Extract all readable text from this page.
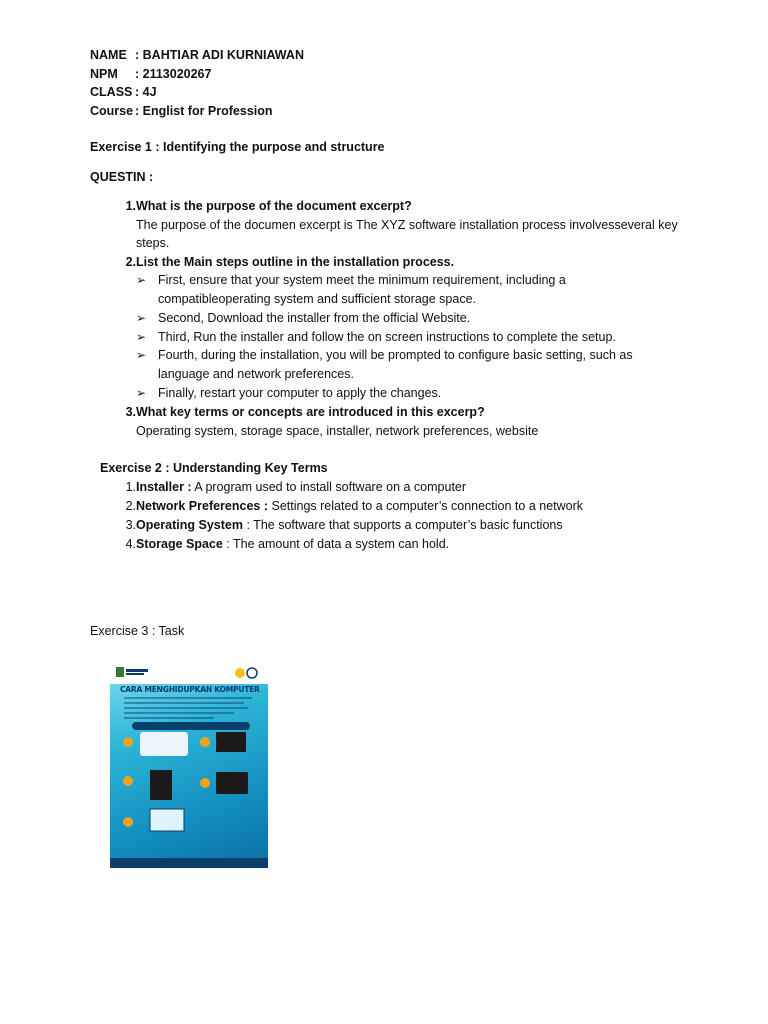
NAME : BAHTIAR ADI KURNIAWAN
NPM : 2113020267
CLASS : 4J
Course : Englist for Profession
Exercise 1 : Identifying the purpose and structure
QUESTIN :
1. What is the purpose of the document excerpt?
The purpose of the documen excerpt is The XYZ software installation process involvesseveral key
steps.
2. List the Main steps outline in the installation process.
➢ First, ensure that your system meet the minimum requirement, including a
compatibleoperating system and sufficient storage space.
➢ Second, Download the installer from the official Website.
➢ Third, Run the installer and follow the on screen instructions to complete the setup.
➢ Fourth, during the installation, you will be prompted to configure basic setting, such as
language and network preferences.
➢ Finally, restart your computer to apply the changes.
3. What key terms or concepts are introduced in this excerp?
Operating system, storage space, installer, network preferences, website
Exercise 2 : Understanding Key Terms
1. Installer : A program used to install software on a computer
2. Network Preferences : Settings related to a computer’s connection to a network
3. Operating System : The software that supports a computer’s basic functions
4. Storage Space : The amount of data a system can hold.
Exercise 3 : Task
CARA MENGHIDUPKAN KOMPUTER
